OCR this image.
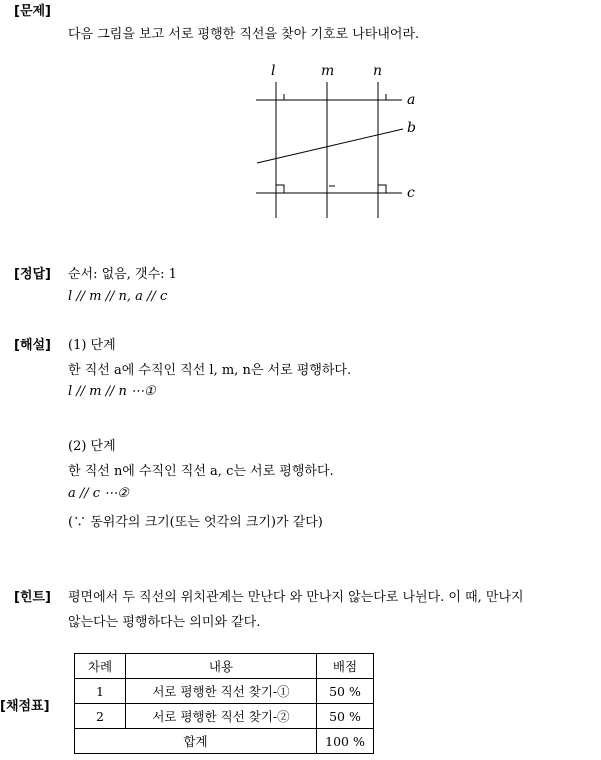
[문제]
다음 그림을 보고 서로 평행한 직선을 찾아 기호로 나타내어라.
l	m	n
a
b
c
[정답] 순서: 없음, 갯수: 1
l // m // n, a // c
[해설] (1) 단계
한 직선 a에 수직인 직선 l, m, n은 서로 평행하다.
l // m // n ⋯①
(2) 단계
한 직선 n에 수직인 직선 a, c는 서로 평행하다.
a // c ⋯②
(∵ 동위각의 크기(또는 엇각의 크기)가 같다)
[힌트] 평면에서 두 직선의 위치관계는 만난다 와 만나지 않는다로 나뉜다. 이 때, 만나지
않는다는 평행하다는 의미와 같다.
[채점표]
차례	내용	배점
1	서로 평행한 직선 찾기-①	50 %
2	서로 평행한 직선 찾기-②	50 %
합계		100 %
